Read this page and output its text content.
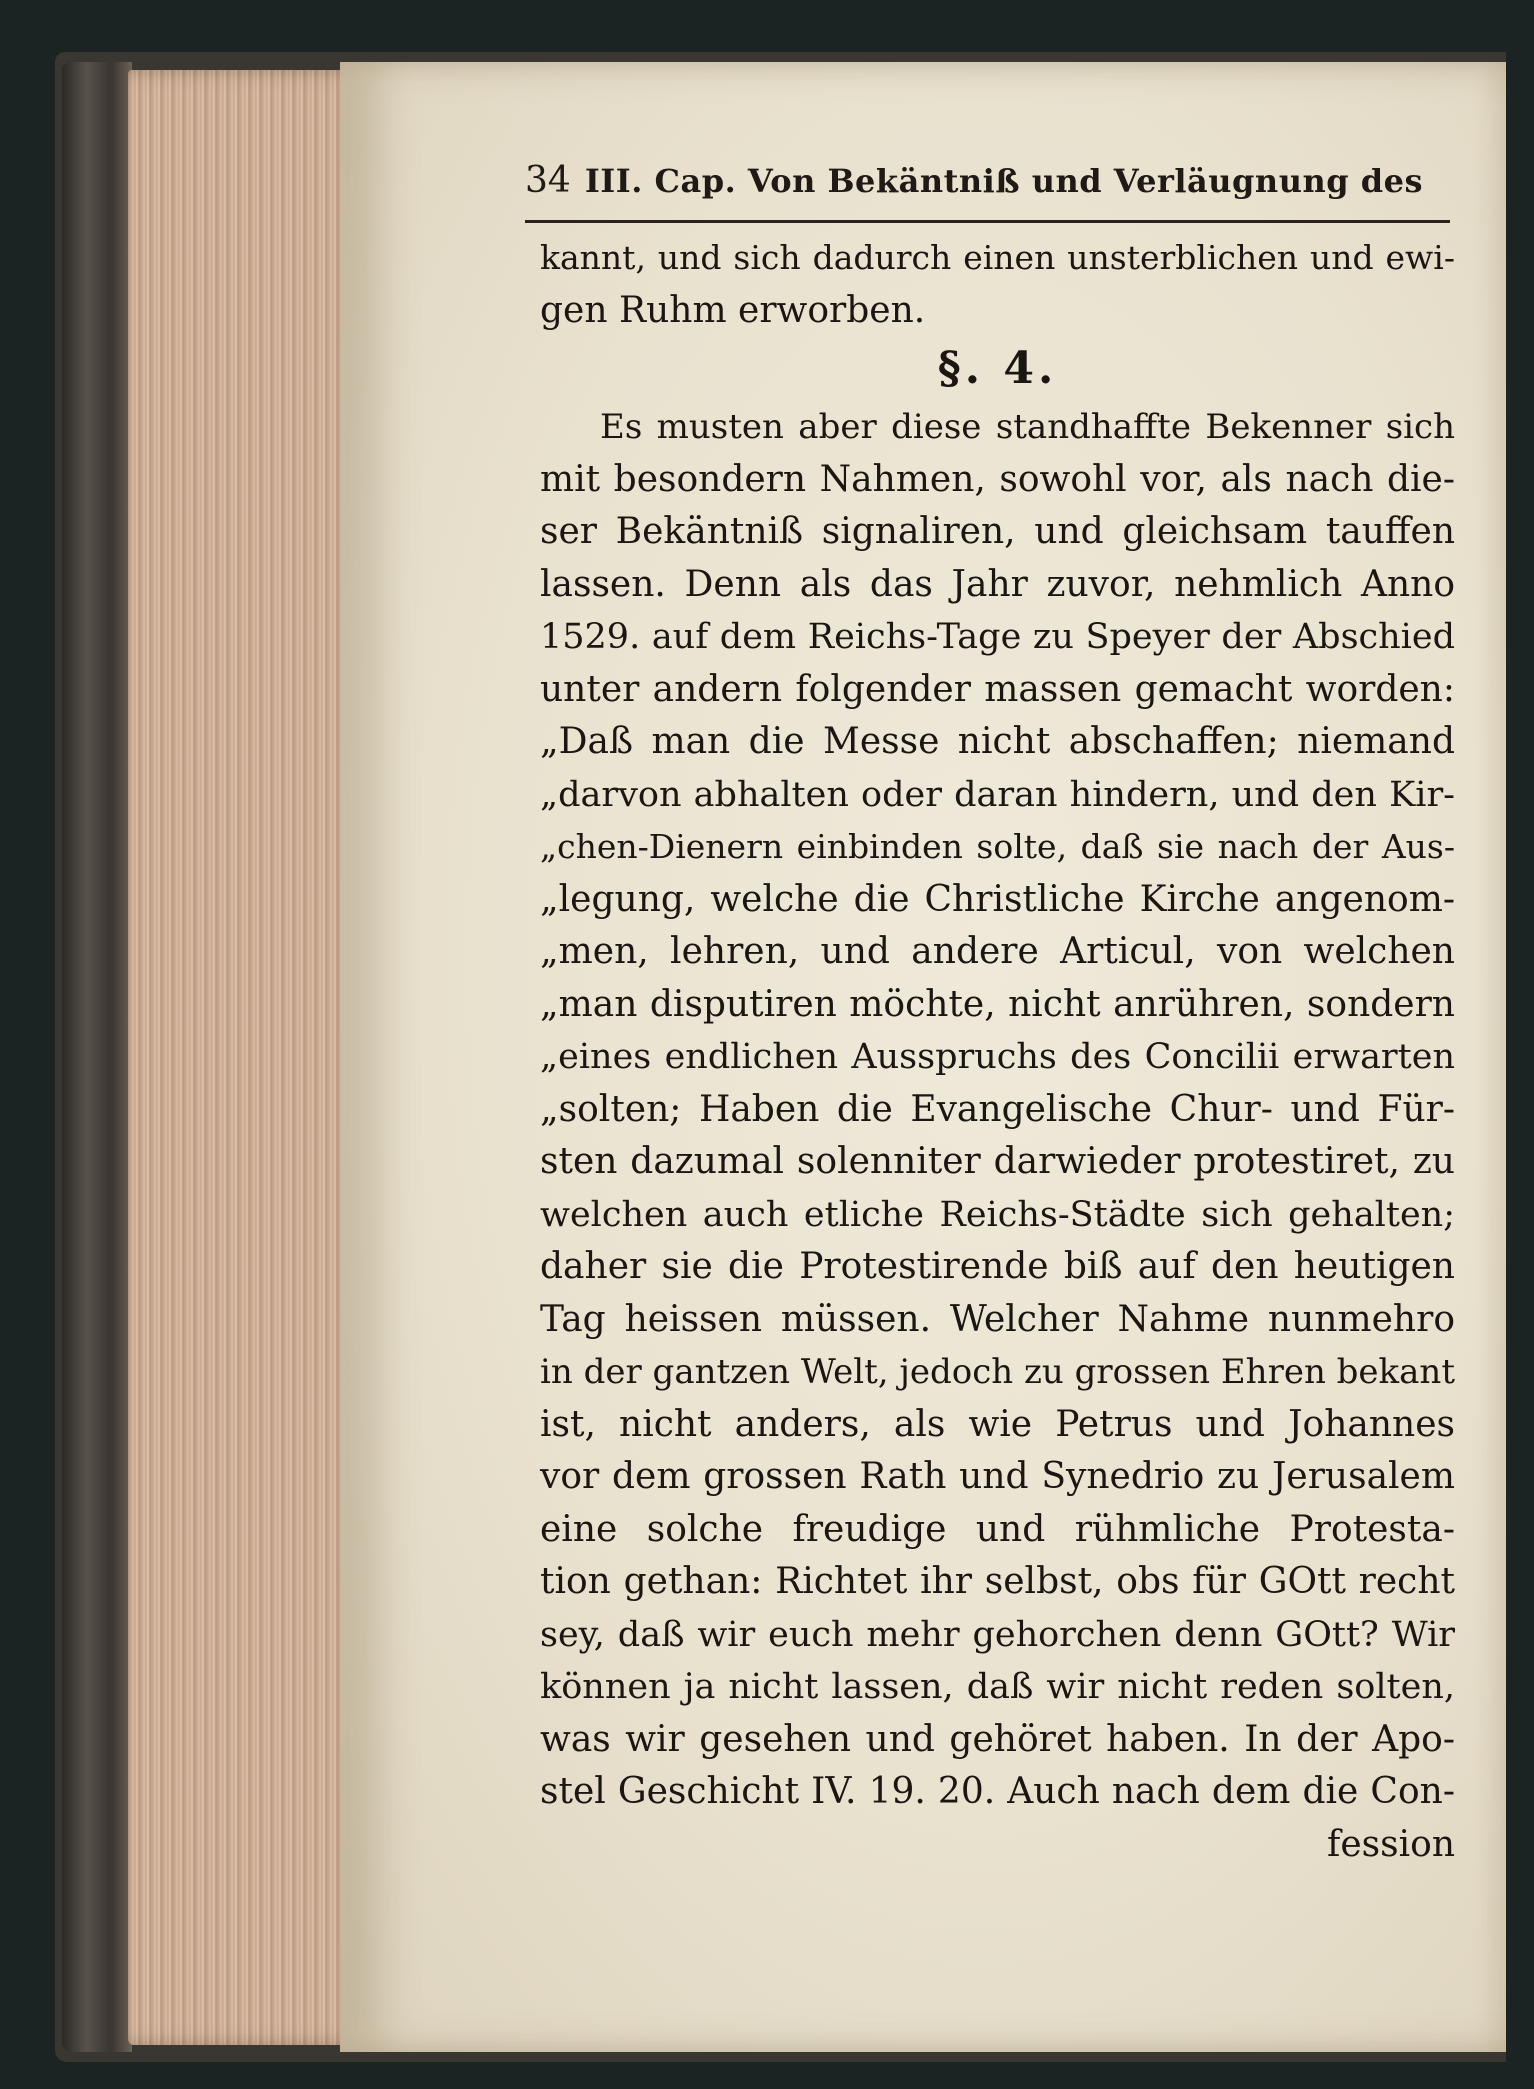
34 III. Cap. Von Bekäntniß und Verläugnung des
kannt, und sich dadurch einen unsterblichen und ewi-
gen Ruhm erworben.
§. 4.
Es musten aber diese standhaffte Bekenner sich
mit besondern Nahmen, sowohl vor, als nach die-
ser Bekäntniß signaliren, und gleichsam tauffen
lassen. Denn als das Jahr zuvor, nehmlich Anno
1529. auf dem Reichs-Tage zu Speyer der Abschied
unter andern folgender massen gemacht worden:
„Daß man die Messe nicht abschaffen; niemand
„darvon abhalten oder daran hindern, und den Kir-
„chen-Dienern einbinden solte, daß sie nach der Aus-
„legung, welche die Christliche Kirche angenom-
„men, lehren, und andere Articul, von welchen
„man disputiren möchte, nicht anrühren, sondern
„eines endlichen Ausspruchs des Concilii erwarten
„solten; Haben die Evangelische Chur- und Für-
sten dazumal solenniter darwieder protestiret, zu
welchen auch etliche Reichs-Städte sich gehalten;
daher sie die Protestirende biß auf den heutigen
Tag heissen müssen. Welcher Nahme nunmehro
in der gantzen Welt, jedoch zu grossen Ehren bekant
ist, nicht anders, als wie Petrus und Johannes
vor dem grossen Rath und Synedrio zu Jerusalem
eine solche freudige und rühmliche Protesta-
tion gethan: Richtet ihr selbst, obs für GOtt recht
sey, daß wir euch mehr gehorchen denn GOtt? Wir
können ja nicht lassen, daß wir nicht reden solten,
was wir gesehen und gehöret haben. In der Apo-
stel Geschicht IV. 19. 20. Auch nach dem die Con-
fession
